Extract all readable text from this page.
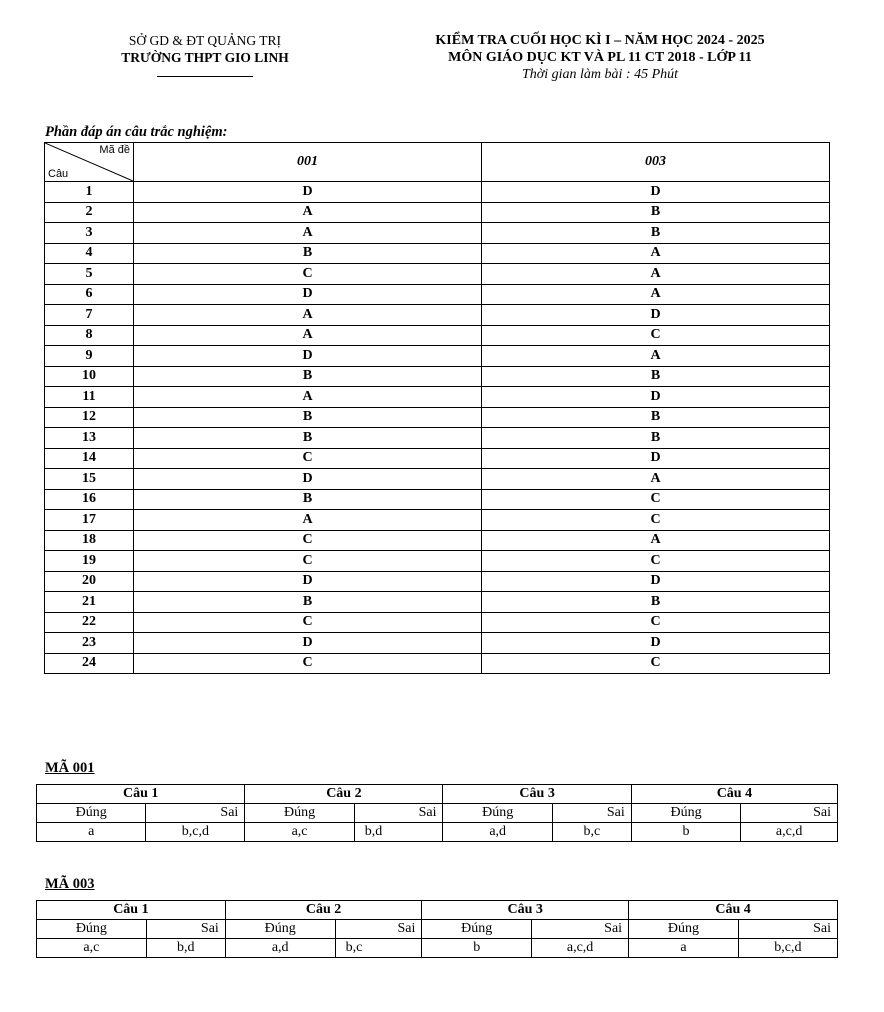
SỞ GD & ĐT QUẢNG TRỊ
TRƯỜNG THPT GIO LINH
KIỂM TRA CUỐI HỌC KÌ I – NĂM HỌC 2024 - 2025
MÔN GIÁO DỤC KT VÀ PL 11 CT 2018 - LỚP 11
Thời gian làm bài : 45 Phút
Phần đáp án câu trắc nghiệm:
Mã đề
Câu	001	003
1	D	D
2	A	B
3	A	B
4	B	A
5	C	A
6	D	A
7	A	D
8	A	C
9	D	A
10	B	B
11	A	D
12	B	B
13	B	B
14	C	D
15	D	A
16	B	C
17	A	C
18	C	A
19	C	C
20	D	D
21	B	B
22	C	C
23	D	D
24	C	C
MÃ 001
Câu 1		Câu 2		Câu 3		Câu 4	
Đúng	Sai	Đúng	Sai	Đúng	Sai	Đúng	Sai
a	b,c,d	a,c	b,d	a,d	b,c	b	a,c,d
MÃ 003
Câu 1		Câu 2		Câu 3		Câu 4	
Đúng	Sai	Đúng	Sai	Đúng	Sai	Đúng	Sai
a,c	b,d	a,d	b,c	b	a,c,d	a	b,c,d
